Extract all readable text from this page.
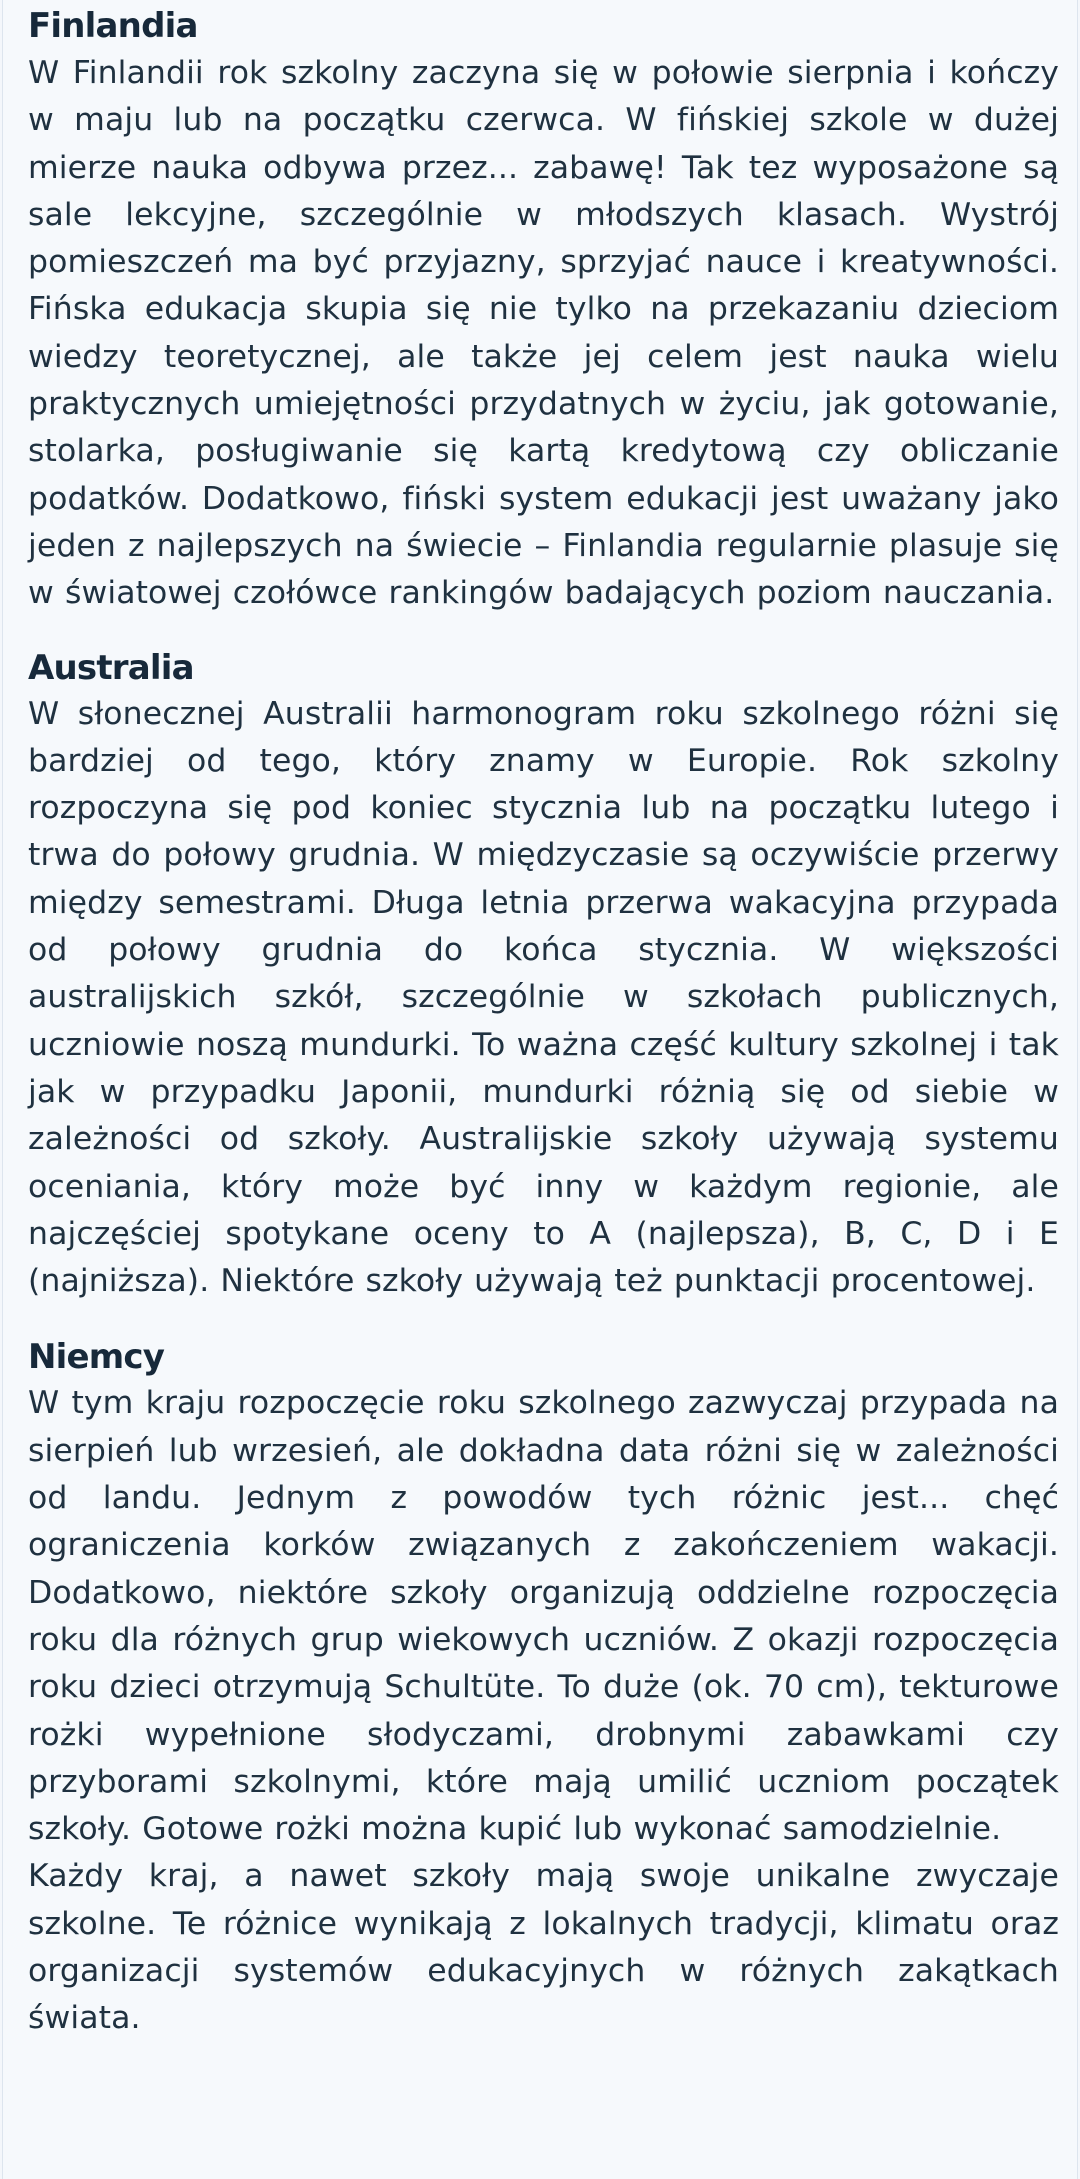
Finlandia

W Finlandii rok szkolny zaczyna się w połowie sierpnia i kończy w maju lub na początku czerwca. W fińskiej szkole w dużej mierze nauka odbywa przez... zabawę! Tak tez wyposażone są sale lekcyjne, szczególnie w młodszych klasach. Wystrój pomieszczeń ma być przyjazny, sprzyjać nauce i kreatywności. Fińska edukacja skupia się nie tylko na przekazaniu dzieciom wiedzy teoretycznej, ale także jej celem jest nauka wielu praktycznych umiejętności przydatnych w życiu, jak gotowanie, stolarka, posługiwanie się kartą kredytową czy obliczanie podatków. Dodatkowo, fiński system edukacji jest uważany jako jeden z najlepszych na świecie – Finlandia regularnie plasuje się w światowej czołówce rankingów badających poziom nauczania.

Australia

W słonecznej Australii harmonogram roku szkolnego różni się bardziej od tego, który znamy w Europie. Rok szkolny rozpoczyna się pod koniec stycznia lub na początku lutego i trwa do połowy grudnia. W międzyczasie są oczywiście przerwy między semestrami. Długa letnia przerwa wakacyjna przypada od połowy grudnia do końca stycznia. W większości australijskich szkół, szczególnie w szkołach publicznych, uczniowie noszą mundurki. To ważna część kultury szkolnej i tak jak w przypadku Japonii, mundurki różnią się od siebie w zależności od szkoły. Australijskie szkoły używają systemu oceniania, który może być inny w każdym regionie, ale najczęściej spotykane oceny to A (najlepsza), B, C, D i E (najniższa). Niektóre szkoły używają też punktacji procentowej.

Niemcy

W tym kraju rozpoczęcie roku szkolnego zazwyczaj przypada na sierpień lub wrzesień, ale dokładna data różni się w zależności od landu. Jednym z powodów tych różnic jest... chęć ograniczenia korków związanych z zakończeniem wakacji. Dodatkowo, niektóre szkoły organizują oddzielne rozpoczęcia roku dla różnych grup wiekowych uczniów. Z okazji rozpoczęcia roku dzieci otrzymują Schultüte. To duże (ok. 70 cm), tekturowe rożki wypełnione słodyczami, drobnymi zabawkami czy przyborami szkolnymi, które mają umilić uczniom początek szkoły. Gotowe rożki można kupić lub wykonać samodzielnie.

Każdy kraj, a nawet szkoły mają swoje unikalne zwyczaje szkolne. Te różnice wynikają z lokalnych tradycji, klimatu oraz organizacji systemów edukacyjnych w różnych zakątkach świata.
